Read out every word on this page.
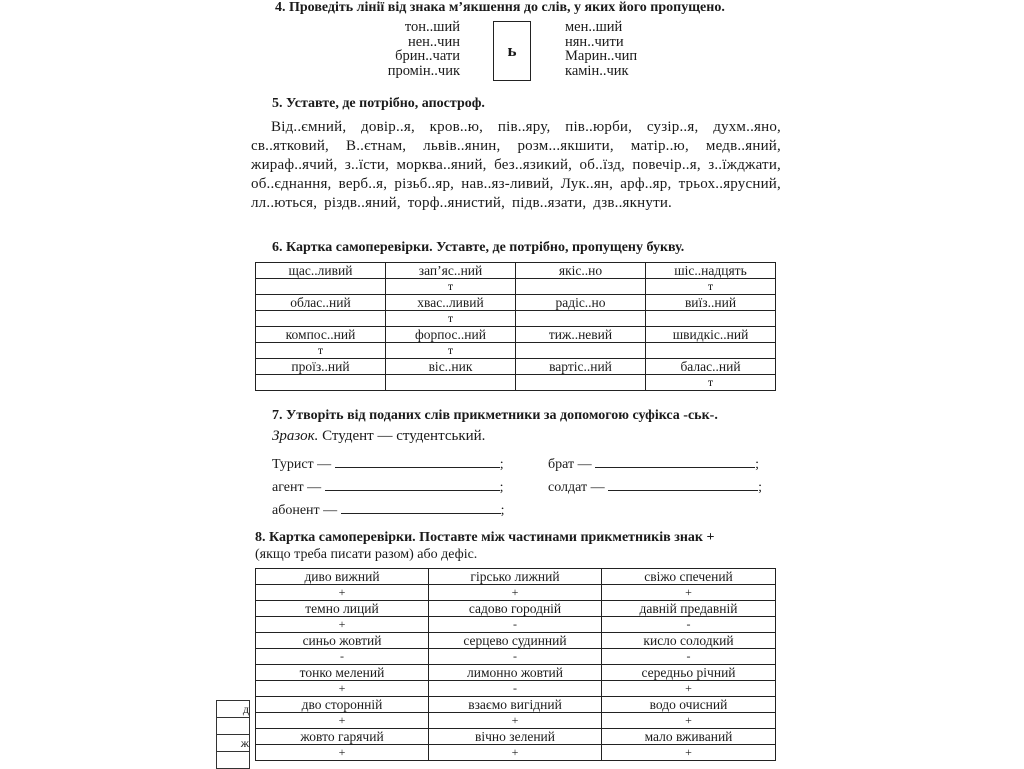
4. Проведіть лінії від знака м’якшення до слів, у яких його пропущено.
тон..ший
нен..чин
брин..чати
промін..чик
ь
мен..ший
нян..чити
Марин..чип
камін..чик
5. Уставте, де потрібно, апостроф.
Від..ємний, довір..я, кров..ю, пів..яру, пів..юрби, сузір..я, духм..яно, св..ятковий, В..єтнам, львів..янин, розм...якшити, матір..ю, медв..яний, жираф..ячий, з..їсти, морква..яний, без..язикий, об..їзд, повечір..я, з..їжджати, об..єднання, верб..я, різьб..яр, нав..яз-ливий, Лук..ян, арф..яр, трьох..ярусний, лл..ються, різдв..яний, торф..янистий, підв..язати, дзв..якнути.
6. Картка самоперевірки. Уставте, де потрібно, пропущену букву.
щас..ливий	зап’яс..ний	якіс..но	шіс..надцять
	т		т
облас..ний	хвас..ливий	радіс..но	виїз..ний
	т		
компос..ний	форпос..ний	тиж..невий	швидкіс..ний
т	т		
проїз..ний	віс..ник	вартіс..ний	балас..ний
			т
7. Утворіть від поданих слів прикметники за допомогою суфікса -ськ-.
Зразок. Студент — студентський.
Турист —	;	брат —	;
агент —	;	солдат —	;
абонент —	;
8. Картка самоперевірки. Поставте між частинами прикметників знак +
(якщо треба писати разом) або дефіс.
диво вижний	гірсько лижний	свіжо спечений
+	+	+
темно лиций	садово городній	давній предавній
+	-	-
синьо жовтий	серцево судинний	кисло солодкий
-	-	-
тонко мелений	лимонно жовтий	середньо річний
+	-	+
дво сторонній	взаємо вигідний	водо очисний
+	+	+
жовто гарячий	вічно зелений	мало вживаний
+	+	+
д

ж
